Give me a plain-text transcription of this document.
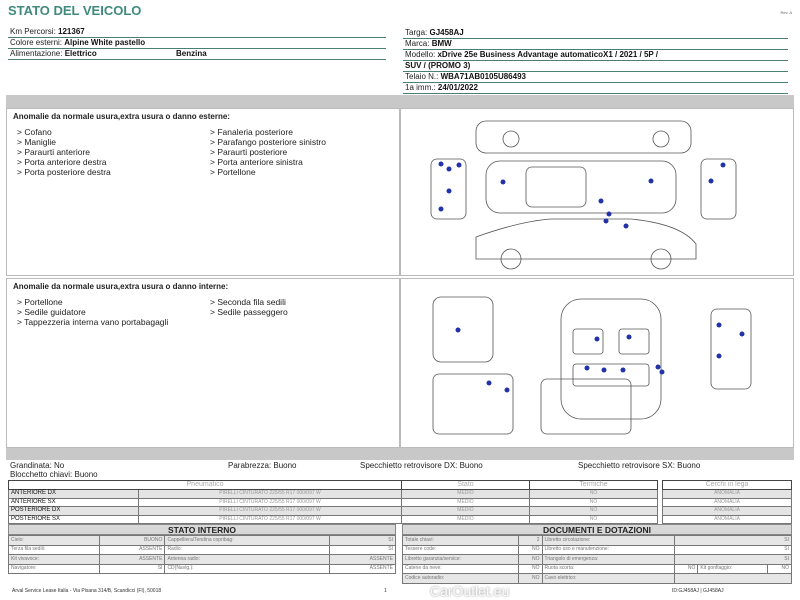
STATO DEL VEICOLO	Rev. A
Km Percorsi: 121367
Colore esterni: Alpine White pastello
Alimentazione: Elettrico	Benzina
Targa: GJ458AJ
Marca: BMW
Modello: xDrive 25e Business Advantage automaticoX1 / 2021 / 5P /
SUV / (PROMO 3)
Telaio N.: WBA71AB0105U86493
1a imm.: 24/01/2022
Anomalie da normale usura,extra usura o danno esterne:
> Cofano
> Maniglie
> Paraurti anteriore
> Porta anteriore destra
> Porta posteriore destra
> Fanaleria posteriore
> Parafango posteriore sinistro
> Paraurti posteriore
> Porta anteriore sinistra
> Portellone
Anomalie da normale usura,extra usura o danno interne:
> Portellone
> Sedile guidatore
> Tappezzeria interna vano portabagagli
> Seconda fila sedili
> Sedile passeggero
Grandinata: No
Blocchetto chiavi: Buono
Parabrezza: Buono	Specchietto retrovisore DX: Buono	Specchietto retrovisore SX: Buono
Pneumatico		Stato	Termiche
ANTERIORE DX	PIRELLI CINTURATO 225/55 R17 000/097 W	MEDIO	NO
ANTERIORE SX	PIRELLI CINTURATO 225/55 R17 000/097 W	MEDIO	NO
POSTERIORE DX	PIRELLI CINTURATO 225/55 R17 000/097 W	MEDIO	NO
POSTERIORE SX	PIRELLI CINTURATO 225/55 R17 000/097 W	MEDIO	NO
Cerchi in lega
ANOMALIA
ANOMALIA
ANOMALIA
ANOMALIA
STATO INTERNO
Cielo:	BUONO	Cappelliera/Tendina copribag:	SI
Terza fila sedili:	ASSENTE	Radio:	SI
Kit vivavoce:	ASSENTE	Antenna radio:	ASSENTE
Navigatore:	SI	CD(Navig.):	ASSENTE
DOCUMENTI E DOTAZIONI
Totale chiavi:	2	Libretto circolazione:	SI		
Tessere code:	NO	Libretto uso e manutenzione:	SI		
Libretto garanzia/service:	NO	Triangolo di emergenza:	SI		
Catene da neve:	NO	Ruota scorta:	NO	Kit gonfiaggio:	NO
Codice autoradio:	NO	Cavo elettrico:			
Arval Service Lease Italia - Via Pisana 314/B, Scandicci (FI), 50018	1	ID:GJ458AJ | GJ458AJ
CarOutlet.eu
